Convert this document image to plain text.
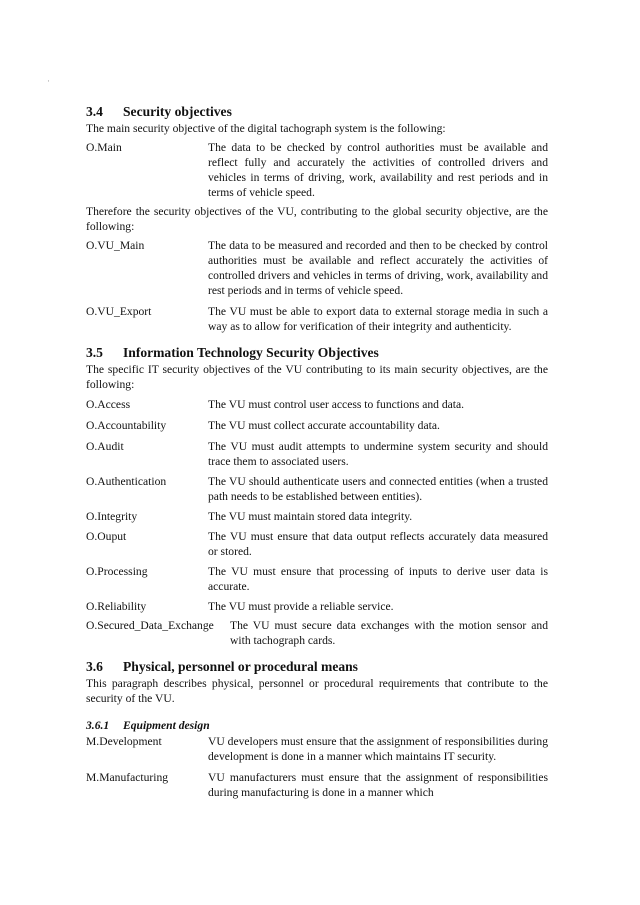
·
3.4 Security objectives

The main security objective of the digital tachograph system is the following:

O.Main	The data to be checked by control authorities must be available and reflect fully and accurately the activities of controlled drivers and vehicles in terms of driving, work, availability and rest periods and in terms of vehicle speed.

Therefore the security objectives of the VU, contributing to the global security objective, are the following:

O.VU_Main	The data to be measured and recorded and then to be checked by control authorities must be available and reflect accurately the activities of controlled drivers and vehicles in terms of driving, work, availability and rest periods and in terms of vehicle speed.
O.VU_Export	The VU must be able to export data to external storage media in such a way as to allow for verification of their integrity and authenticity.
3.5 Information Technology Security Objectives

The specific IT security objectives of the VU contributing to its main security objectives, are the following:

O.Access	The VU must control user access to functions and data.
O.Accountability	The VU must collect accurate accountability data.
O.Audit	The VU must audit attempts to undermine system security and should trace them to associated users.
O.Authentication	The VU should authenticate users and connected entities (when a trusted path needs to be established between entities).
O.Integrity	The VU must maintain stored data integrity.
O.Ouput	The VU must ensure that data output reflects accurately data measured or stored.
O.Processing	The VU must ensure that processing of inputs to derive user data is accurate.
O.Reliability	The VU must provide a reliable service.
O.Secured_Data_Exchange	The VU must secure data exchanges with the motion sensor and with tachograph cards.
3.6 Physical, personnel or procedural means

This paragraph describes physical, personnel or procedural requirements that contribute to the security of the VU.

3.6.1 Equipment design
M.Development	VU developers must ensure that the assignment of responsibilities during development is done in a manner which maintains IT security.
M.Manufacturing	VU manufacturers must ensure that the assignment of responsibilities during manufacturing is done in a manner which
